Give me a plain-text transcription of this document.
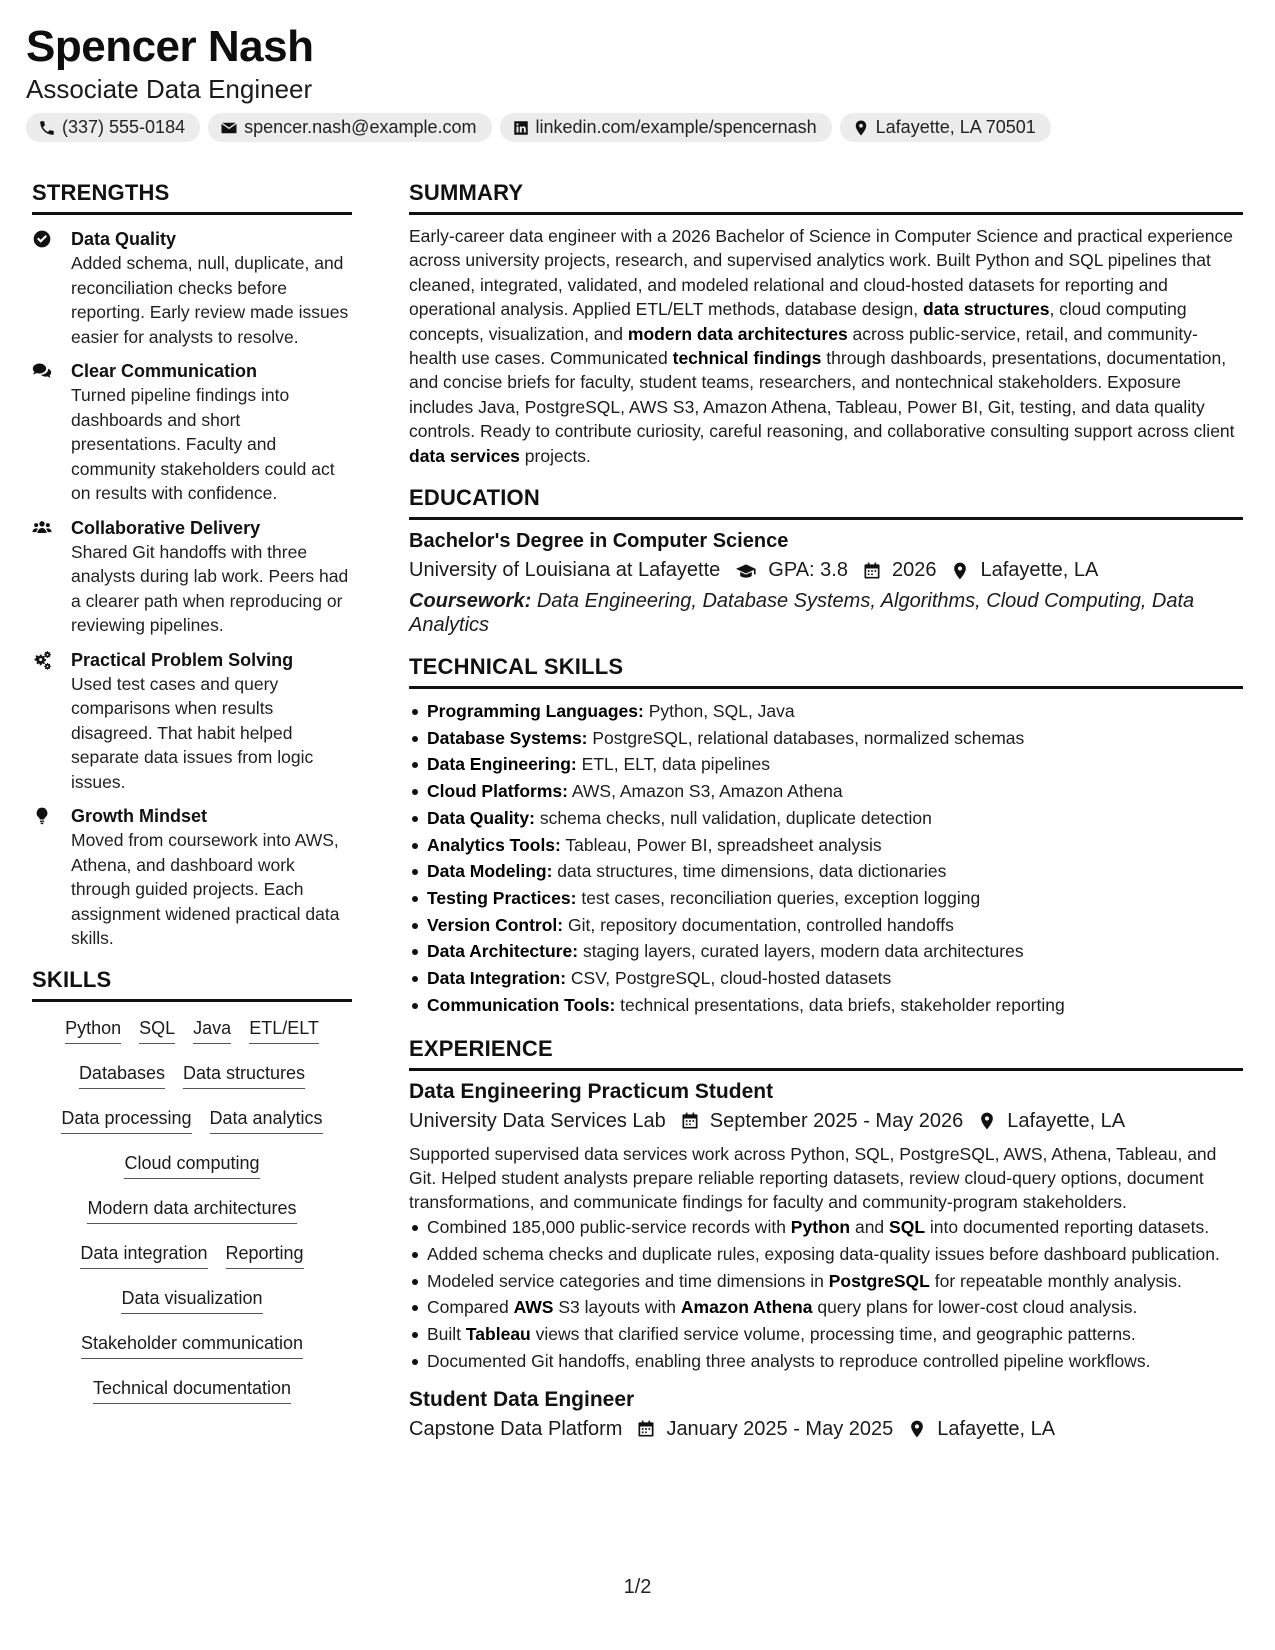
Spencer Nash
Associate Data Engineer
(337) 555-0184	spencer.nash@example.com	linkedin.com/example/spencernash	Lafayette, LA 70501
STRENGTHS
Data Quality
Added schema, null, duplicate, and reconciliation checks before reporting. Early review made issues easier for analysts to resolve.
Clear Communication
Turned pipeline findings into dashboards and short presentations. Faculty and community stakeholders could act on results with confidence.
Collaborative Delivery
Shared Git handoffs with three analysts during lab work. Peers had a clearer path when reproducing or reviewing pipelines.
Practical Problem Solving
Used test cases and query comparisons when results disagreed. That habit helped separate data issues from logic issues.
Growth Mindset
Moved from coursework into AWS, Athena, and dashboard work through guided projects. Each assignment widened practical data skills.
SKILLS
Python SQL Java ETL/ELT
Databases Data structures
Data processing Data analytics
Cloud computing
Modern data architectures
Data integration Reporting
Data visualization
Stakeholder communication
Technical documentation
SUMMARY

Early-career data engineer with a 2026 Bachelor of Science in Computer Science and practical experience across university projects, research, and supervised analytics work. Built Python and SQL pipelines that cleaned, integrated, validated, and modeled relational and cloud-hosted datasets for reporting and operational analysis. Applied ETL/ELT methods, database design, data structures, cloud computing concepts, visualization, and modern data architectures across public-service, retail, and community-health use cases. Communicated technical findings through dashboards, presentations, documentation, and concise briefs for faculty, student teams, researchers, and nontechnical stakeholders. Exposure includes Java, PostgreSQL, AWS S3, Amazon Athena, Tableau, Power BI, Git, testing, and data quality controls. Ready to contribute curiosity, careful reasoning, and collaborative consulting support across client data services projects.

EDUCATION
Bachelor's Degree in Computer Science
University of Louisiana at Lafayette GPA: 3.8 2026 Lafayette, LA
Coursework: Data Engineering, Database Systems, Algorithms, Cloud Computing, Data Analytics
TECHNICAL SKILLS
Programming Languages: Python, SQL, Java
Database Systems: PostgreSQL, relational databases, normalized schemas
Data Engineering: ETL, ELT, data pipelines
Cloud Platforms: AWS, Amazon S3, Amazon Athena
Data Quality: schema checks, null validation, duplicate detection
Analytics Tools: Tableau, Power BI, spreadsheet analysis
Data Modeling: data structures, time dimensions, data dictionaries
Testing Practices: test cases, reconciliation queries, exception logging
Version Control: Git, repository documentation, controlled handoffs
Data Architecture: staging layers, curated layers, modern data architectures
Data Integration: CSV, PostgreSQL, cloud-hosted datasets
Communication Tools: technical presentations, data briefs, stakeholder reporting
EXPERIENCE
Data Engineering Practicum Student
University Data Services Lab September 2025 - May 2026 Lafayette, LA

Supported supervised data services work across Python, SQL, PostgreSQL, AWS, Athena, Tableau, and Git. Helped student analysts prepare reliable reporting datasets, review cloud-query options, document transformations, and communicate findings for faculty and community-program stakeholders.

Combined 185,000 public-service records with Python and SQL into documented reporting datasets.
Added schema checks and duplicate rules, exposing data-quality issues before dashboard publication.
Modeled service categories and time dimensions in PostgreSQL for repeatable monthly analysis.
Compared AWS S3 layouts with Amazon Athena query plans for lower-cost cloud analysis.
Built Tableau views that clarified service volume, processing time, and geographic patterns.
Documented Git handoffs, enabling three analysts to reproduce controlled pipeline workflows.
Student Data Engineer
Capstone Data Platform January 2025 - May 2025 Lafayette, LA
1/2
